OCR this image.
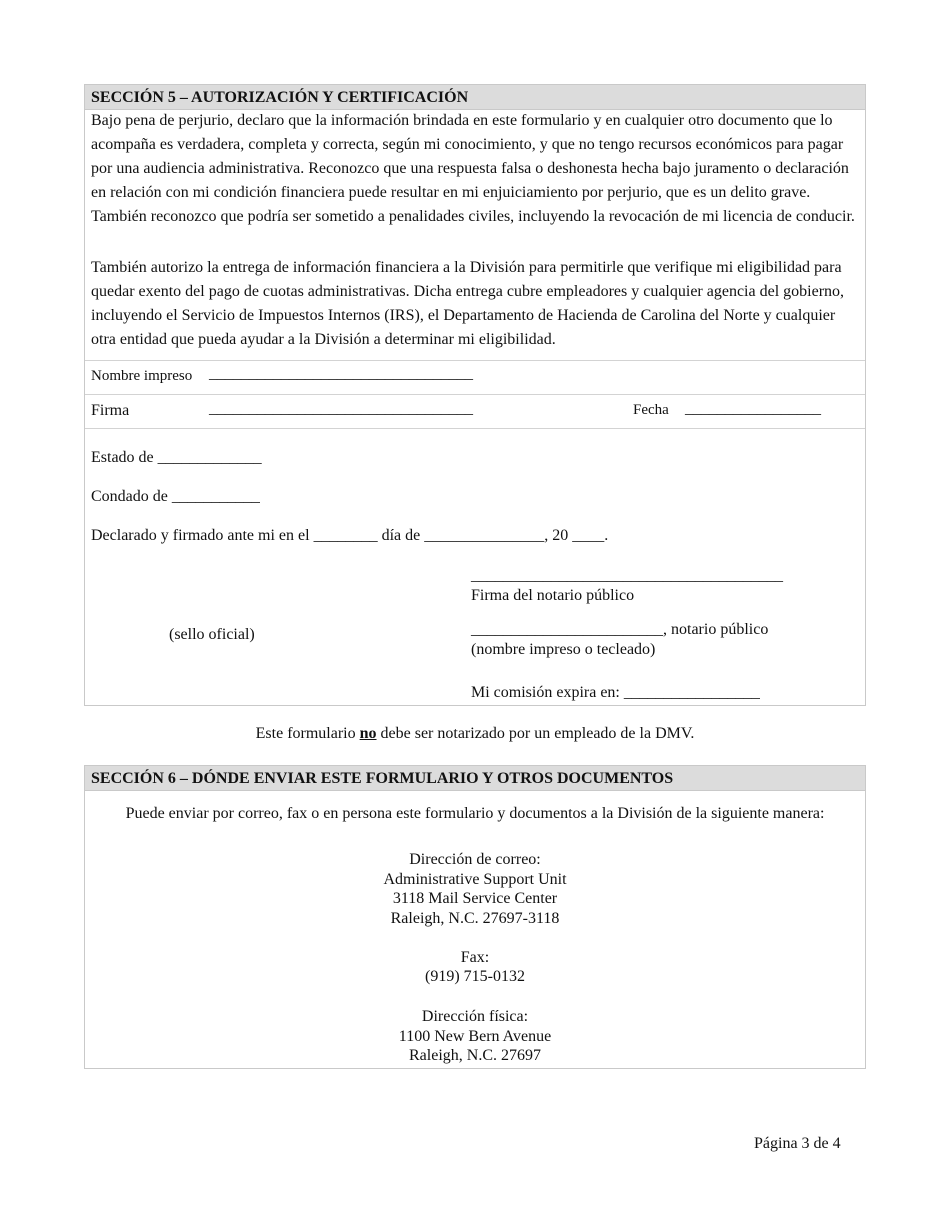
SECCIÓN 5 – AUTORIZACIÓN Y CERTIFICACIÓN
Bajo pena de perjurio, declaro que la información brindada en este formulario y en cualquier otro documento que lo acompaña es verdadera, completa y correcta, según mi conocimiento, y que no tengo recursos económicos para pagar por una audiencia administrativa. Reconozco que una respuesta falsa o deshonesta hecha bajo juramento o declaración en relación con mi condición financiera puede resultar en mi enjuiciamiento por perjurio, que es un delito grave. También reconozco que podría ser sometido a penalidades civiles, incluyendo la revocación de mi licencia de conducir.
También autorizo la entrega de información financiera a la División para permitirle que verifique mi eligibilidad para quedar exento del pago de cuotas administrativas. Dicha entrega cubre empleadores y cualquier agencia del gobierno, incluyendo el Servicio de Impuestos Internos (IRS), el Departamento de Hacienda de Carolina del Norte y cualquier otra entidad que pueda ayudar a la División a determinar mi eligibilidad.
Nombre impreso _________________________________
Firma	_________________________________	Fecha _________________
Estado de _____________
Condado de ___________
Declarado y firmado ante mi en el ________ día de _______________, 20 ____.
_______________________________________
Firma del notario público
(sello oficial)	________________________, notario público
(nombre impreso o tecleado)
Mi comisión expira en: _________________
Este formulario no debe ser notarizado por un empleado de la DMV.
SECCIÓN 6 – DÓNDE ENVIAR ESTE FORMULARIO Y OTROS DOCUMENTOS
Puede enviar por correo, fax o en persona este formulario y documentos a la División de la siguiente manera:
Dirección de correo:
Administrative Support Unit
3118 Mail Service Center
Raleigh, N.C. 27697-3118
Fax:
(919) 715-0132
Dirección física:
1100 New Bern Avenue
Raleigh, N.C. 27697
Página 3 de 4
